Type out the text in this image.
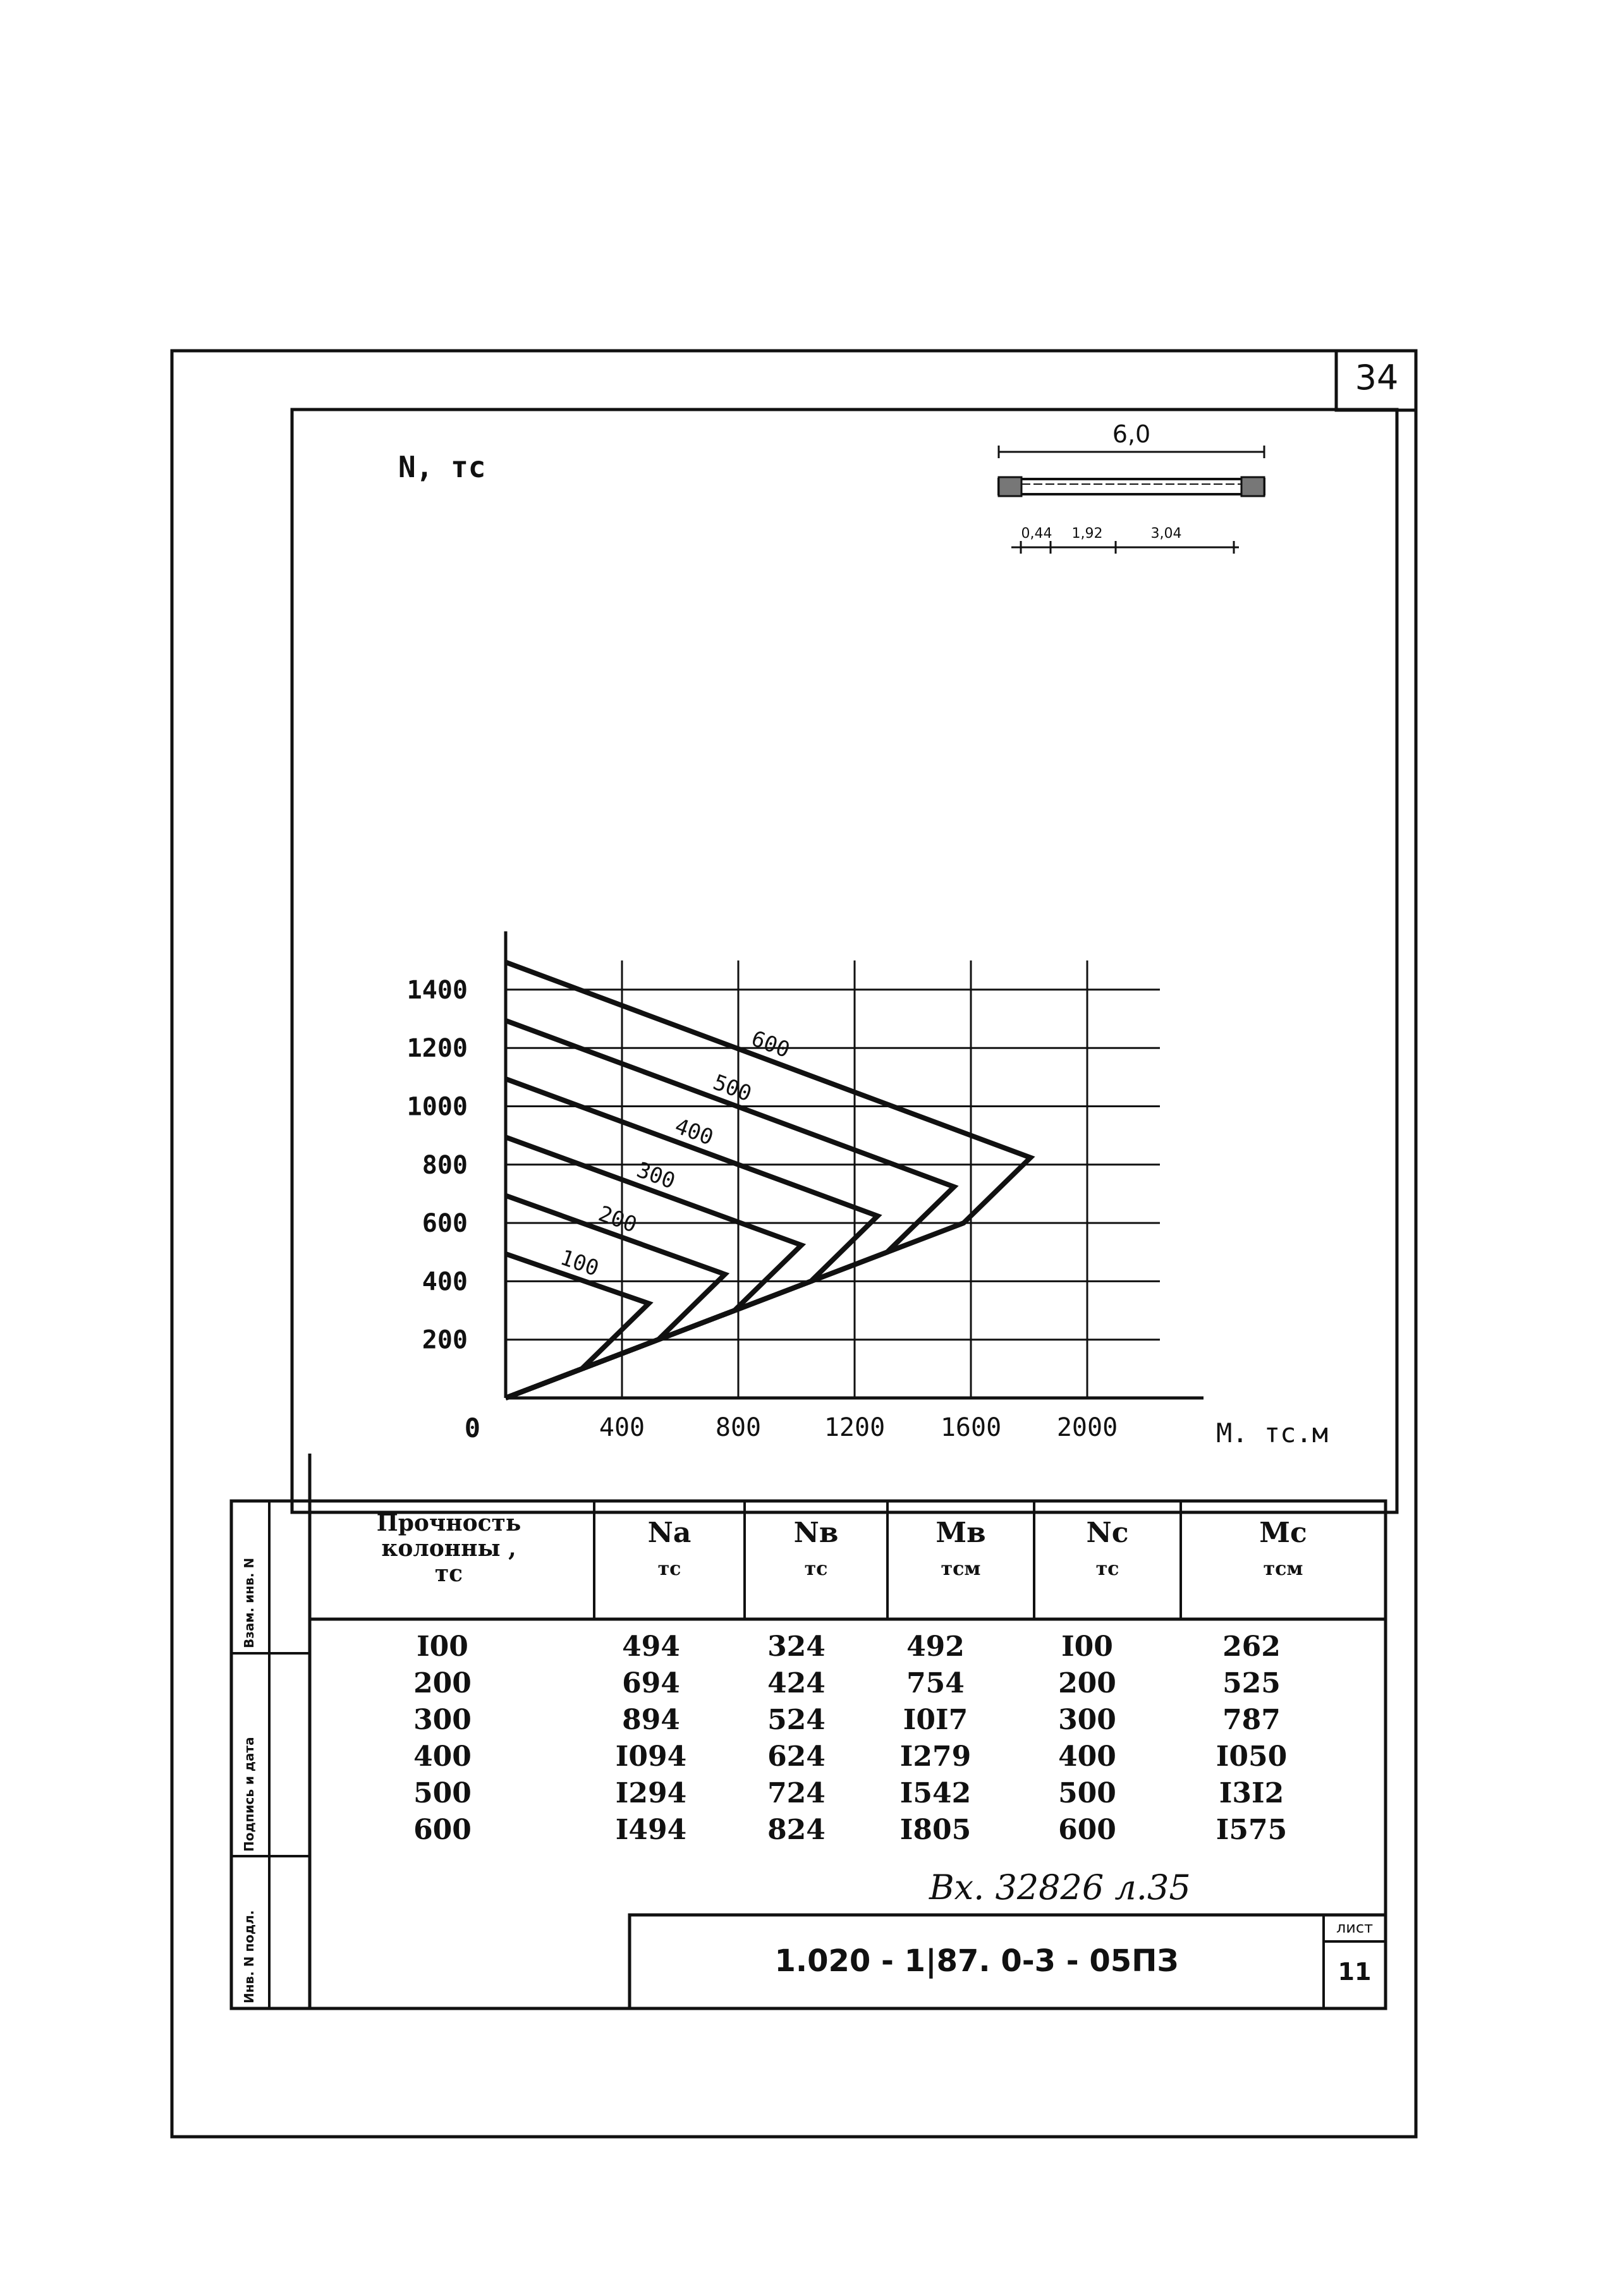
34
6,0
0,44	1,92	3,04
400	800 1200 1600 2000
200
400
600
800
1000
1200
1400
0
N, тс
М. тс.м
100
200
300
400
500
600
Прочность колонны ,
тс
Na
тс
Nв
тс
Mв
тсм
Nс
тс
Mс
тсм
I00	494	324	492	I00	262
200	694	424	754	200	525
300	894	524	I0I7	300	787
400	I094	624	I279	400	I050
500	I294	724	I542	500	I3I2
600	I494	824	I805	600	I575
Вх. 32826 л.35
1.020 - 1|87. 0-3 - 05ПЗ
лист
11
Инв. N подл.
Подпись и дата
Взам. инв. N
